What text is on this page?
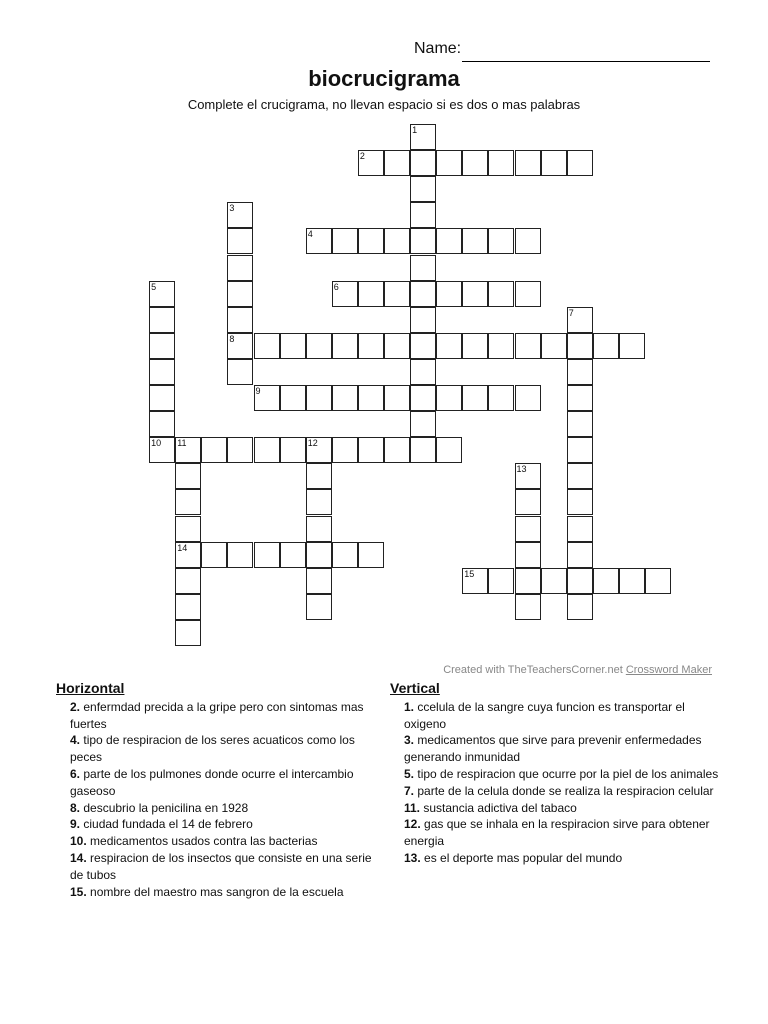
Name:
biocrucigrama
Complete el crucigrama, no llevan espacio si es dos o mas palabras
1
2
3
8
4
5
10
6
7
9
11	12
14
13
15
Created with TheTeachersCorner.net Crossword Maker
Horizontal
2. enfermdad precida a la gripe pero con sintomas mas fuertes
4. tipo de respiracion de los seres acuaticos como los peces
6. parte de los pulmones donde ocurre el intercambio gaseoso
8. descubrio la penicilina en 1928
9. ciudad fundada el 14 de febrero
10. medicamentos usados contra las bacterias
14. respiracion de los insectos que consiste en una serie de tubos
15. nombre del maestro mas sangron de la escuela
Vertical
1. ccelula de la sangre cuya funcion es transportar el oxigeno
3. medicamentos que sirve para prevenir enfermedades generando inmunidad
5. tipo de respiracion que ocurre por la piel de los animales
7. parte de la celula donde se realiza la respiracion celular
11. sustancia adictiva del tabaco
12. gas que se inhala en la respiracion sirve para obtener energia
13. es el deporte mas popular del mundo
